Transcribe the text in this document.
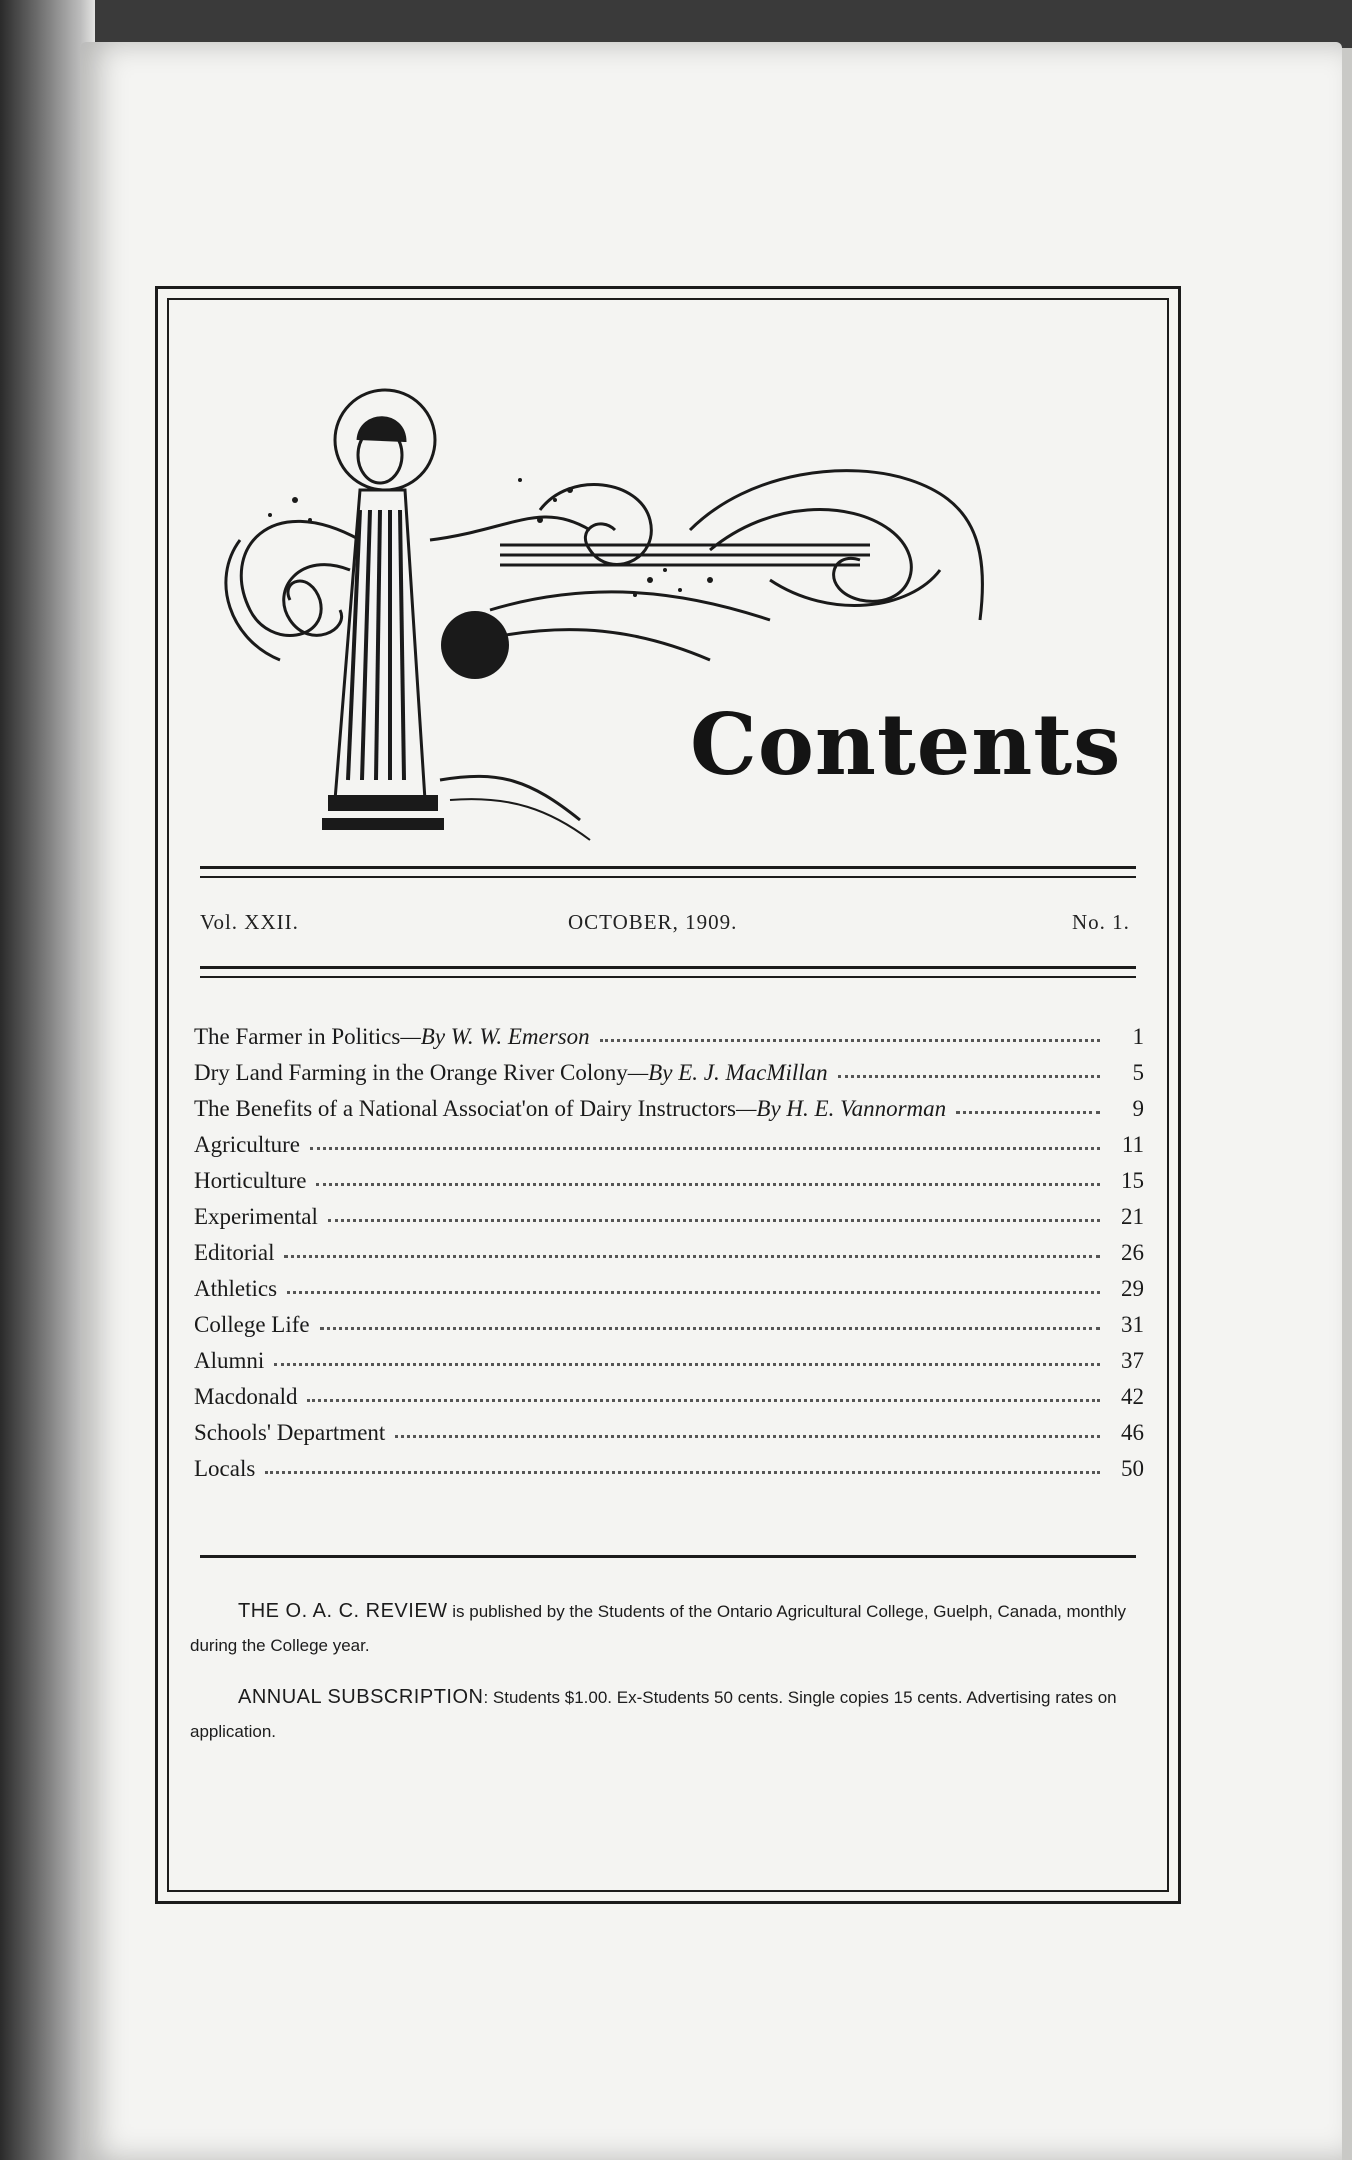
Contents
Vol. XXII.	OCTOBER, 1909.	No. 1.
The Farmer in Politics—By W. W. Emerson	1
Dry Land Farming in the Orange River Colony—By E. J. MacMillan	5
The Benefits of a National Associat'on of Dairy Instructors—By H. E. Vannorman	9
Agriculture	11
Horticulture	15
Experimental	21
Editorial	26
Athletics	29
College Life	31
Alumni	37
Macdonald	42
Schools' Department	46
Locals	50

THE O. A. C. REVIEW is published by the Students of the Ontario Agricultural College, Guelph, Canada, monthly during the College year.

ANNUAL SUBSCRIPTION: Students $1.00. Ex-Students 50 cents. Single copies 15 cents. Advertising rates on application.
